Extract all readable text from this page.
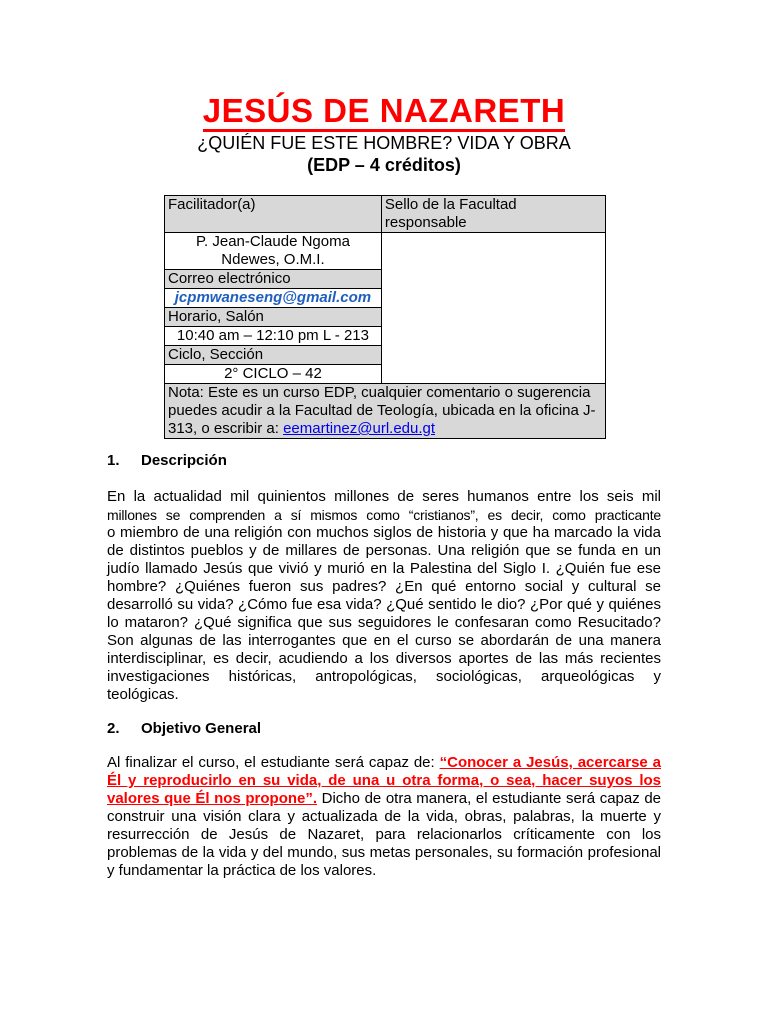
JESÚS DE NAZARETH
¿QUIÉN FUE ESTE HOMBRE? VIDA Y OBRA
(EDP – 4 créditos)
Facilitador(a)	Sello de la Facultad responsable

P. Jean-Claude Ngoma
Ndewes, O.M.I.	

Correo electrónico	
jcpmwaneseng@gmail.com	
Horario, Salón	
10:40 am – 12:10 pm L - 213	
Ciclo, Sección	
2° CICLO – 42	
Nota: Este es un curso EDP, cualquier comentario o sugerencia puedes acudir a la Facultad de Teología, ubicada en la oficina J-313, o escribir a: eemartinez@url.edu.gt	
1. Descripción
En la actualidad mil quinientos millones de seres humanos entre los seis mil
millones se comprenden a sí mismos como “cristianos”, es decir, como practicante
o miembro de una religión con muchos siglos de historia y que ha marcado la vida de distintos pueblos y de millares de personas. Una religión que se funda en un judío llamado Jesús que vivió y murió en la Palestina del Siglo I. ¿Quién fue ese hombre? ¿Quiénes fueron sus padres? ¿En qué entorno social y cultural se desarrolló su vida? ¿Cómo fue esa vida? ¿Qué sentido le dio? ¿Por qué y quiénes lo mataron? ¿Qué significa que sus seguidores le confesaran como Resucitado? Son algunas de las interrogantes que en el curso se abordarán de una manera interdisciplinar, es decir, acudiendo a los diversos aportes de las más recientes investigaciones históricas, antropológicas, sociológicas, arqueológicas y teológicas.
2. Objetivo General
Al finalizar el curso, el estudiante será capaz de: “Conocer a Jesús, acercarse a Él y reproducirlo en su vida, de una u otra forma, o sea, hacer suyos los valores que Él nos propone”. Dicho de otra manera, el estudiante será capaz de construir una visión clara y actualizada de la vida, obras, palabras, la muerte y resurrección de Jesús de Nazaret, para relacionarlos críticamente con los problemas de la vida y del mundo, sus metas personales, su formación profesional y fundamentar la práctica de los valores.
